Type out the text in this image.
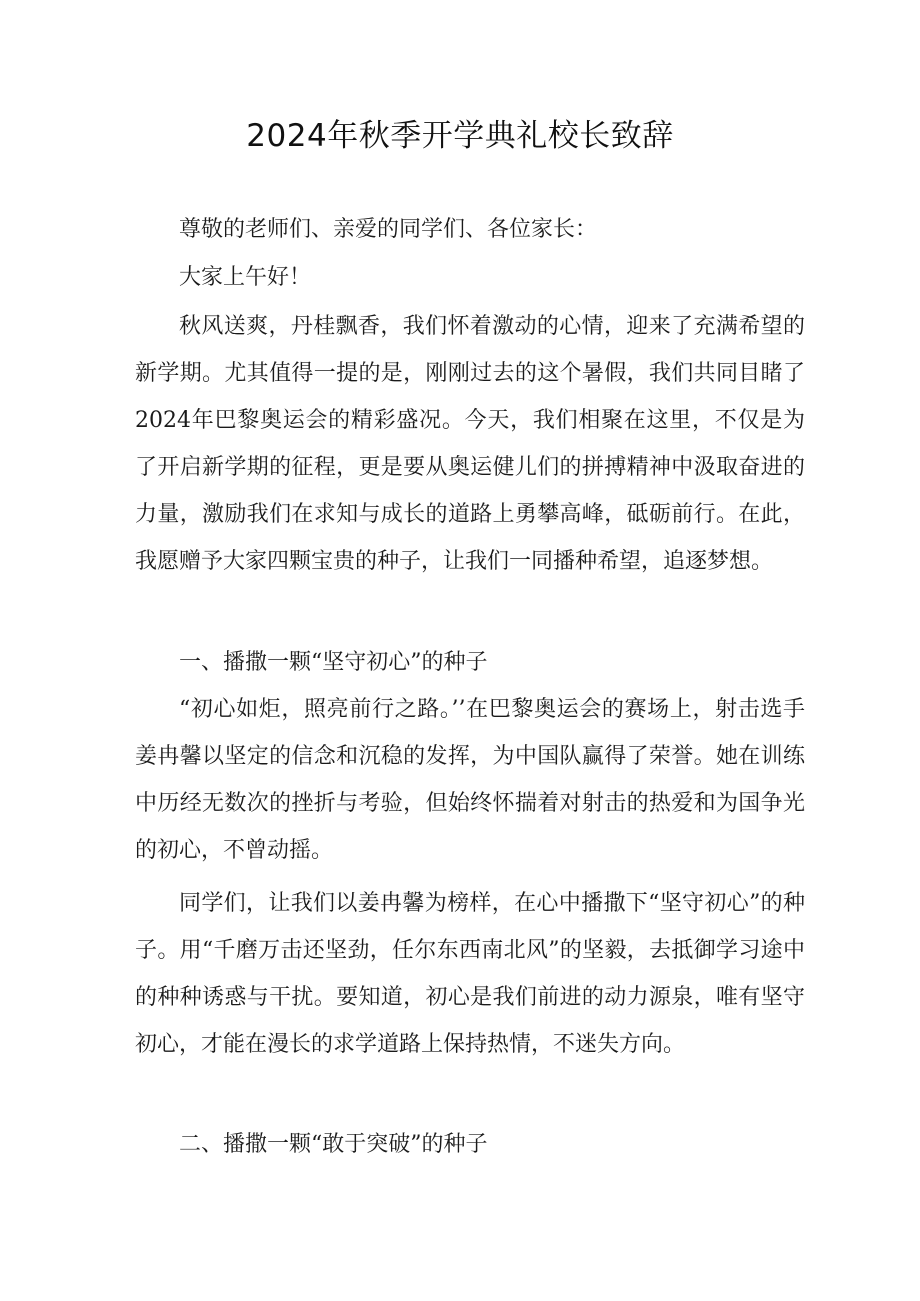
2024年秋季开学典礼校长致辞

尊敬的老师们、亲爱的同学们、各位家长：

大家上午好！

秋风送爽，丹桂飘香，我们怀着激动的心情，迎来了充满希望的新学期。尤其值得一提的是，刚刚过去的这个暑假，我们共同目睹了2024年巴黎奥运会的精彩盛况。今天，我们相聚在这里，不仅是为了开启新学期的征程，更是要从奥运健儿们的拼搏精神中汲取奋进的力量，激励我们在求知与成长的道路上勇攀高峰，砥砺前行。在此，我愿赠予大家四颗宝贵的种子，让我们一同播种希望，追逐梦想。

一、播撒一颗“坚守初心”的种子

“初心如炬，照亮前行之路。’’在巴黎奥运会的赛场上，射击选手姜冉馨以坚定的信念和沉稳的发挥，为中国队赢得了荣誉。她在训练中历经无数次的挫折与考验，但始终怀揣着对射击的热爱和为国争光的初心，不曾动摇。

同学们，让我们以姜冉馨为榜样，在心中播撒下“坚守初心”的种子。用“千磨万击还坚劲，任尔东西南北风”的坚毅，去抵御学习途中的种种诱惑与干扰。要知道，初心是我们前进的动力源泉，唯有坚守初心，才能在漫长的求学道路上保持热情，不迷失方向。

二、播撒一颗“敢于突破”的种子
